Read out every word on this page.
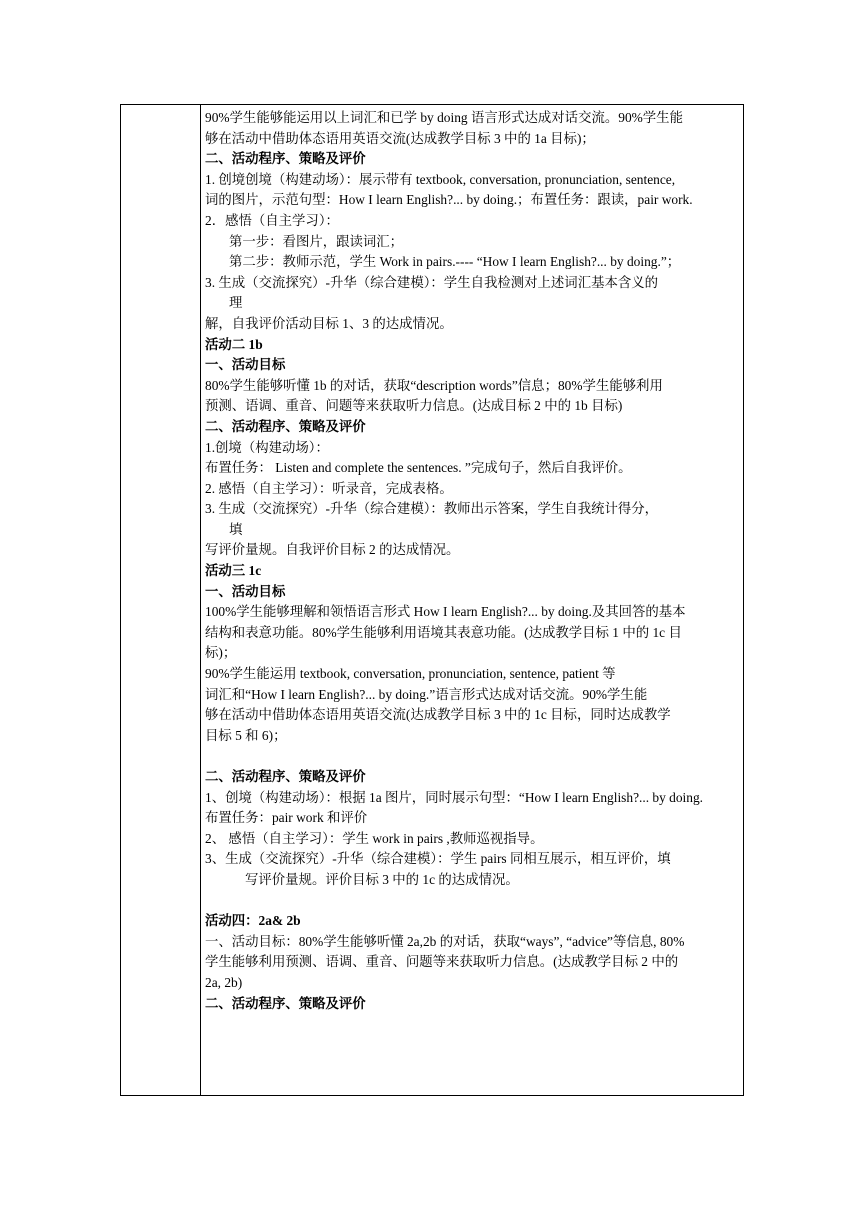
90%学生能够能运用以上词汇和已学 by doing 语言形式达成对话交流。90%学生能
够在活动中借助体态语用英语交流(达成教学目标 3 中的 1a 目标)；
二、活动程序、策略及评价
1. 创境创境（构建动场）：展示带有 textbook, conversation, pronunciation, sentence,
词的图片，示范句型：How I learn English?... by doing.；布置任务：跟读，pair work.
2．感悟（自主学习）：
第一步：看图片，跟读词汇；
第二步：教师示范，学生 Work in pairs.---- “How I learn English?... by doing.”；
3. 生成（交流探究）-升华（综合建模）：学生自我检测对上述词汇基本含义的
理
解，自我评价活动目标 1、3 的达成情况。
活动二 1b
一、活动目标
80%学生能够听懂 1b 的对话，获取“description words”信息；80%学生能够利用
预测、语调、重音、问题等来获取听力信息。(达成目标 2 中的 1b 目标)
二、活动程序、策略及评价
1.创境（构建动场）：
布置任务： Listen and complete the sentences. ”完成句子，然后自我评价。
2. 感悟（自主学习）：听录音，完成表格。
3. 生成（交流探究）-升华（综合建模）：教师出示答案，学生自我统计得分，
填
写评价量规。自我评价目标 2 的达成情况。
活动三 1c
一、活动目标
100%学生能够理解和领悟语言形式 How I learn English?... by doing.及其回答的基本
结构和表意功能。80%学生能够利用语境其表意功能。(达成教学目标 1 中的 1c 目
标)；
90%学生能运用 textbook, conversation, pronunciation, sentence, patient 等
词汇和“How I learn English?... by doing.”语言形式达成对话交流。90%学生能
够在活动中借助体态语用英语交流(达成教学目标 3 中的 1c 目标，同时达成教学
目标 5 和 6)；
二、活动程序、策略及评价
1、创境（构建动场）：根据 1a 图片，同时展示句型：“How I learn English?... by doing.
布置任务：pair work 和评价
2、 感悟（自主学习）：学生 work in pairs ,教师巡视指导。
3、生成（交流探究）-升华（综合建模）：学生 pairs 同相互展示，相互评价，填
写评价量规。评价目标 3 中的 1c 的达成情况。
活动四：2a& 2b
一、活动目标：80%学生能够听懂 2a,2b 的对话，获取“ways”, “advice”等信息, 80%
学生能够利用预测、语调、重音、问题等来获取听力信息。(达成教学目标 2 中的
2a, 2b)
二、活动程序、策略及评价
